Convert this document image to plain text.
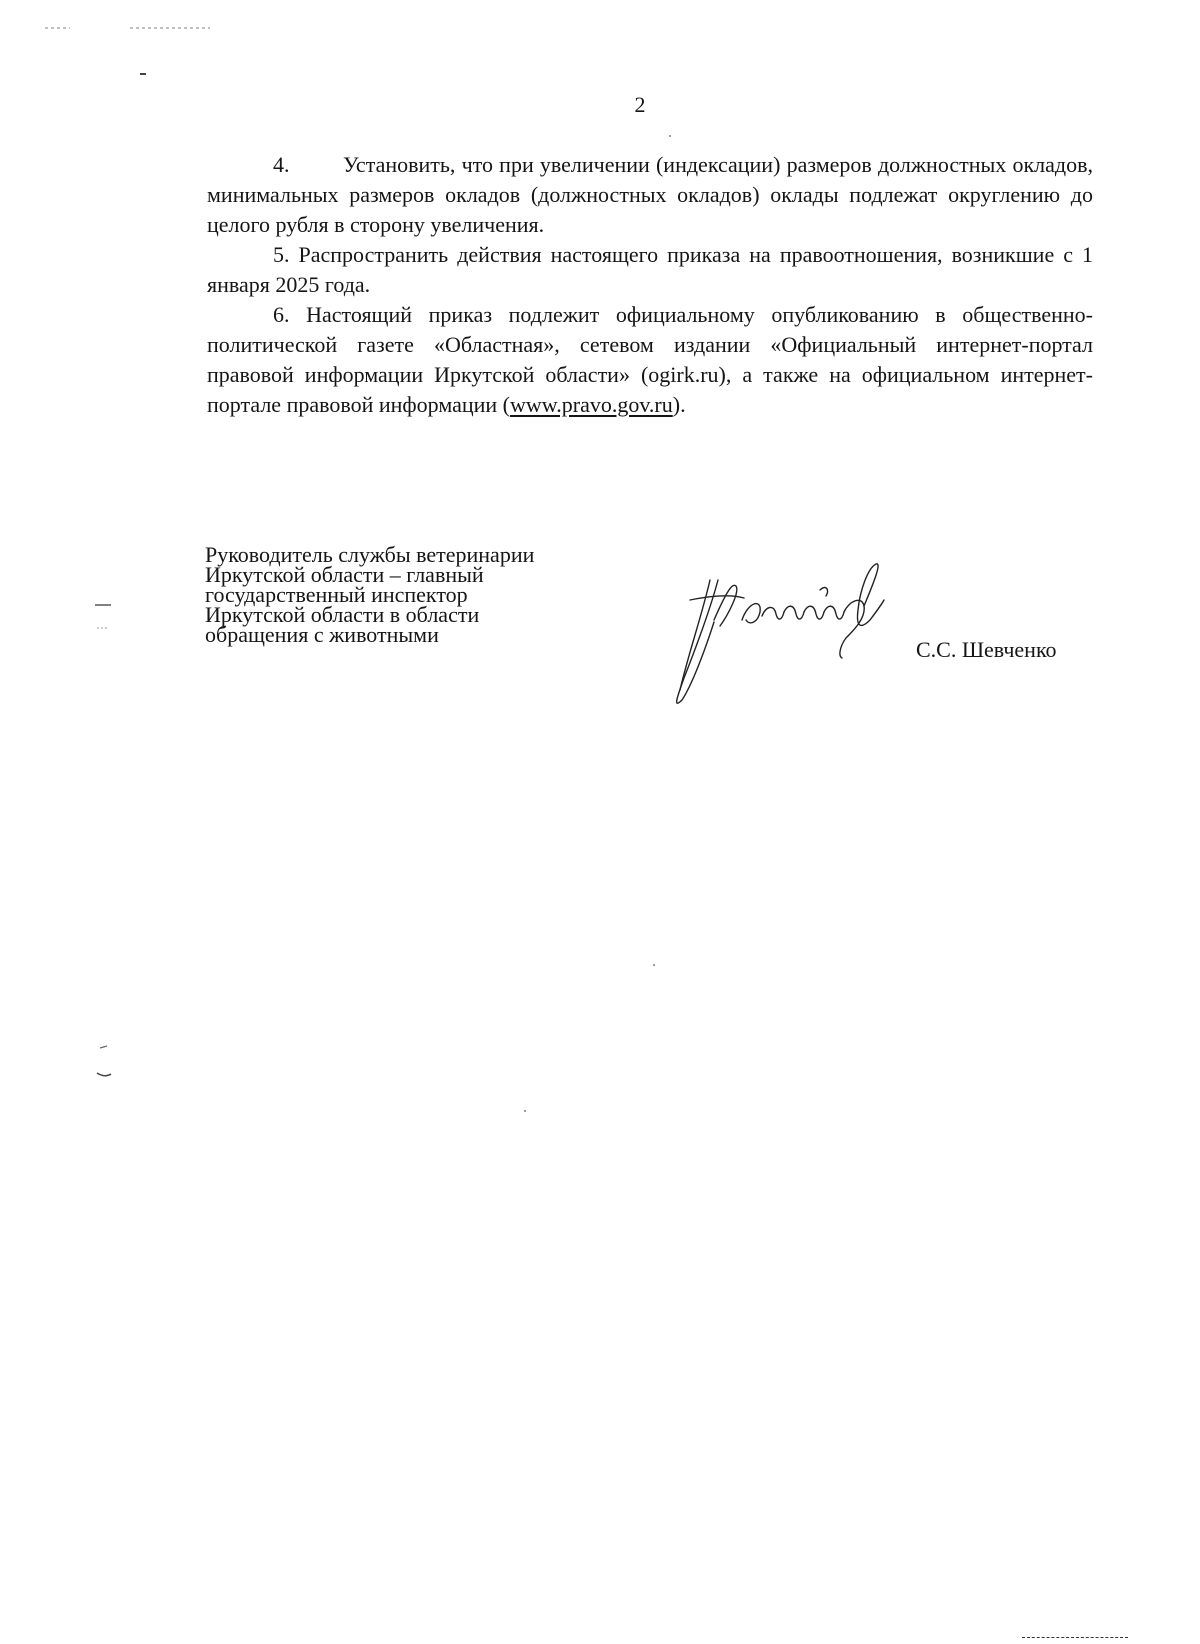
2

4. Установить, что при увеличении (индексации) размеров должностных окладов, минимальных размеров окладов (должностных окладов) оклады подлежат округлению до целого рубля в сторону увеличения.

5. Распространить действия настоящего приказа на правоотношения, возникшие с 1 января 2025 года.

6. Настоящий приказ подлежит официальному опубликованию в общественно-политической газете «Областная», сетевом издании «Официальный интернет-портал правовой информации Иркутской области» (ogirk.ru), а также на официальном интернет-портале правовой информации (www.pravo.gov.ru).

Руководитель службы ветеринарии
Иркутской области – главный
государственный инспектор
Иркутской области в области
обращения с животными
С.С. Шевченко
